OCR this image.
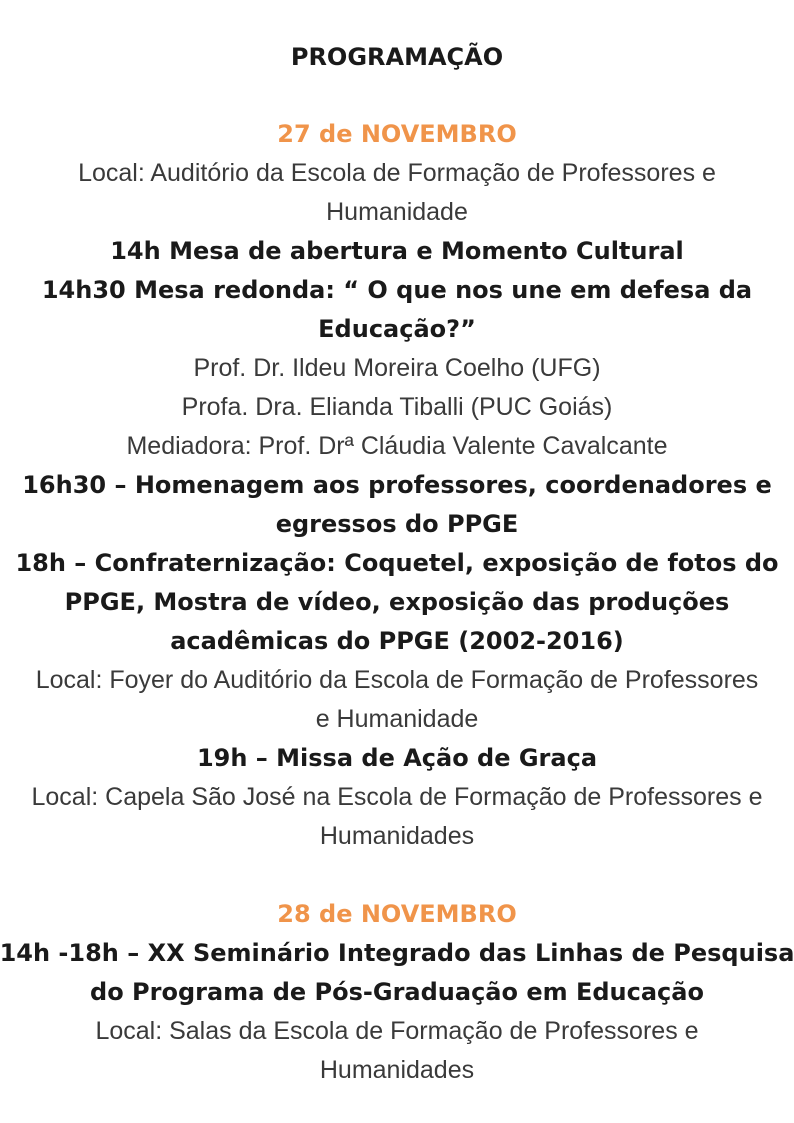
PROGRAMAÇÃO
27 de NOVEMBRO
Local: Auditório da Escola de Formação de Professores e
Humanidade
14h Mesa de abertura e Momento Cultural
14h30 Mesa redonda: “ O que nos une em defesa da
Educação?”
Prof. Dr. Ildeu Moreira Coelho (UFG)
Profa. Dra. Elianda Tiballi (PUC Goiás)
Mediadora: Prof. Drª Cláudia Valente Cavalcante
16h30 – Homenagem aos professores, coordenadores e
egressos do PPGE
18h – Confraternização: Coquetel, exposição de fotos do
PPGE, Mostra de vídeo, exposição das produções
acadêmicas do PPGE (2002-2016)
Local: Foyer do Auditório da Escola de Formação de Professores
e Humanidade
19h – Missa de Ação de Graça
Local: Capela São José na Escola de Formação de Professores e
Humanidades
28 de NOVEMBRO
14h -18h – XX Seminário Integrado das Linhas de Pesquisa
do Programa de Pós-Graduação em Educação
Local: Salas da Escola de Formação de Professores e
Humanidades
